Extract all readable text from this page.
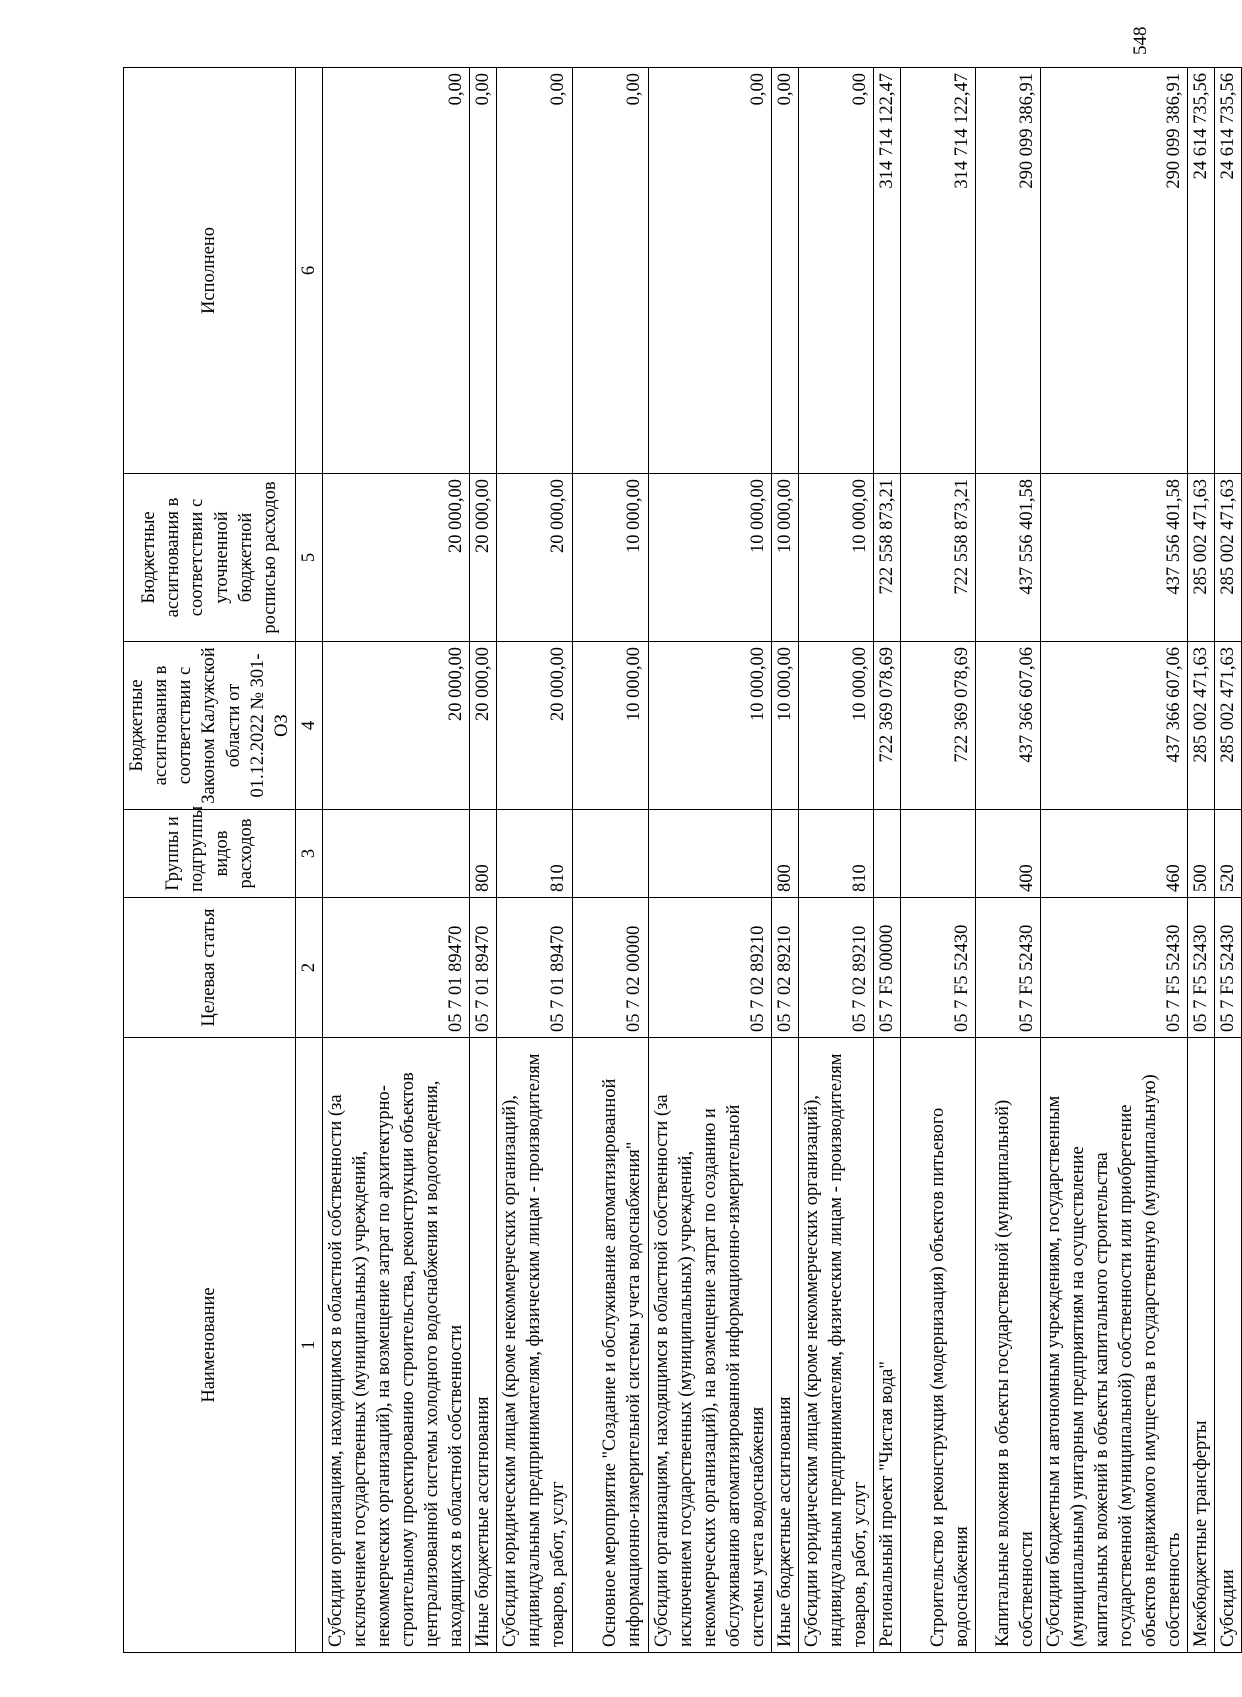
548
Наименование	Целевая статья	Группы и подгруппы видов расходов	Бюджетные ассигнования в соответствии с Законом Калужской области от 01.12.2022 № 301-ОЗ	Бюджетные ассигнования в соответствии с уточненной бюджетной росписью расходов	Исполнено
1	2	3	4	5	6
Субсидии организациям, находящимся в областной собственности (за исключением государственных (муниципальных) учреждений, некоммерческих организаций), на возмещение затрат по архитектурно-строительному проектированию строительства, реконструкции объектов централизованной системы холодного водоснабжения и водоотведения, находящихся в областной собственности	05 7 01 89470		20 000,00	20 000,00	0,00
Иные бюджетные ассигнования	05 7 01 89470	800	20 000,00	20 000,00	0,00
Субсидии юридическим лицам (кроме некоммерческих организаций), индивидуальным предпринимателям, физическим лицам - производителям товаров, работ, услуг	05 7 01 89470	810	20 000,00	20 000,00	0,00
Основное мероприятие "Создание и обслуживание автоматизированной информационно-измерительной системы учета водоснабжения"	05 7 02 00000		10 000,00	10 000,00	0,00
Субсидии организациям, находящимся в областной собственности (за исключением государственных (муниципальных) учреждений, некоммерческих организаций), на возмещение затрат по созданию и обслуживанию автоматизированной информационно-измерительной системы учета водоснабжения	05 7 02 89210		10 000,00	10 000,00	0,00
Иные бюджетные ассигнования	05 7 02 89210	800	10 000,00	10 000,00	0,00
Субсидии юридическим лицам (кроме некоммерческих организаций), индивидуальным предпринимателям, физическим лицам - производителям товаров, работ, услуг	05 7 02 89210	810	10 000,00	10 000,00	0,00
Региональный проект "Чистая вода"	05 7 F5 00000		722 369 078,69	722 558 873,21	314 714 122,47
Строительство и реконструкция (модернизация) объектов питьевого водоснабжения	05 7 F5 52430		722 369 078,69	722 558 873,21	314 714 122,47
Капитальные вложения в объекты государственной (муниципальной) собственности	05 7 F5 52430	400	437 366 607,06	437 556 401,58	290 099 386,91
Субсидии бюджетным и автономным учреждениям, государственным (муниципальным) унитарным предприятиям на осуществление капитальных вложений в объекты капитального строительства государственной (муниципальной) собственности или приобретение объектов недвижимого имущества в государственную (муниципальную) собственность	05 7 F5 52430	460	437 366 607,06	437 556 401,58	290 099 386,91
Межбюджетные трансферты	05 7 F5 52430	500	285 002 471,63	285 002 471,63	24 614 735,56
Субсидии	05 7 F5 52430	520	285 002 471,63	285 002 471,63	24 614 735,56
